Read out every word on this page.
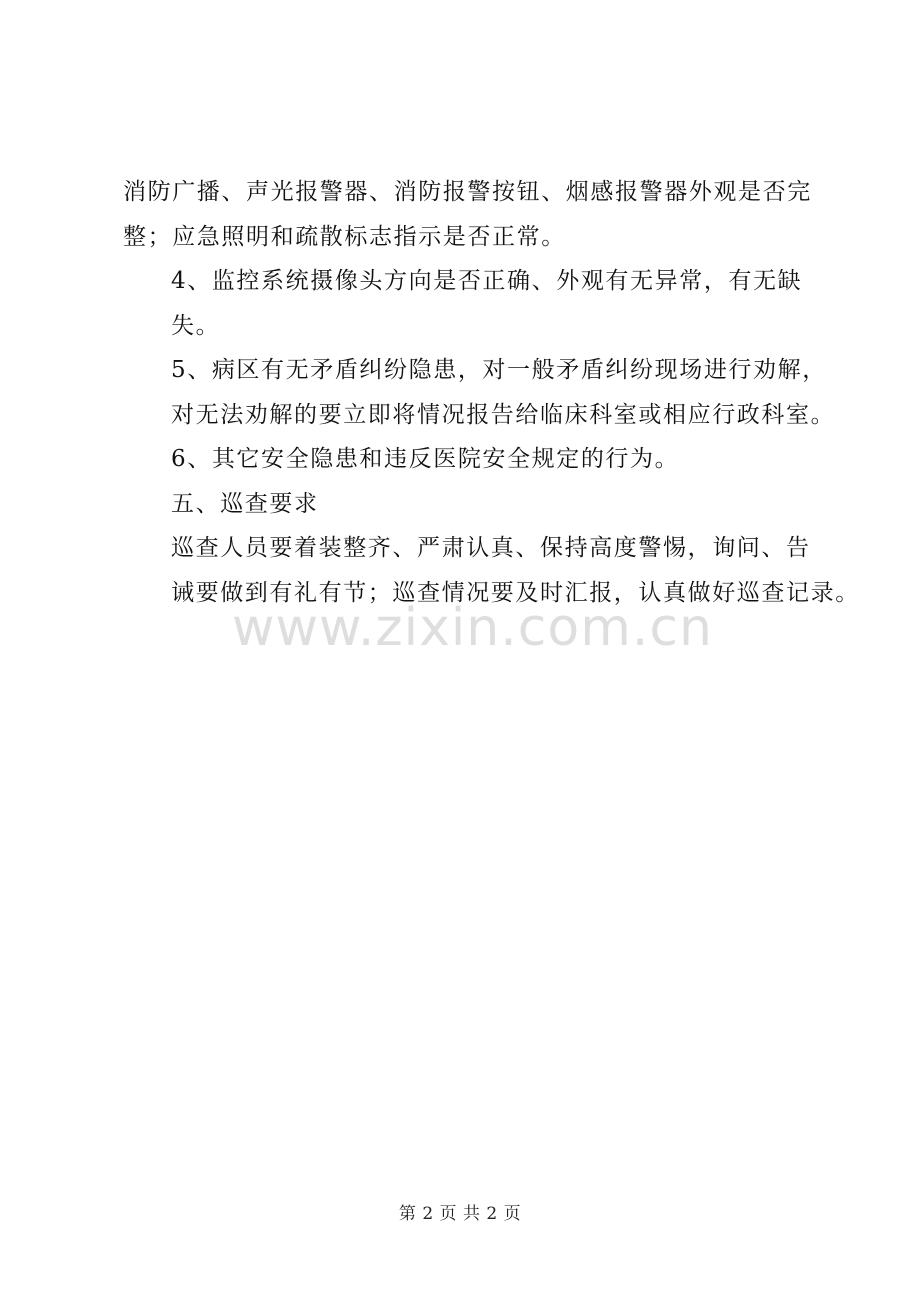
消防广播、声光报警器、消防报警按钮、烟感报警器外观是否完
整；应急照明和疏散标志指示是否正常。

4、监控系统摄像头方向是否正确、外观有无异常，有无缺
失。

5、病区有无矛盾纠纷隐患，对一般矛盾纠纷现场进行劝解，
对无法劝解的要立即将情况报告给临床科室或相应行政科室。

6、其它安全隐患和违反医院安全规定的行为。

五、巡查要求

巡查人员要着装整齐、严肃认真、保持高度警惕，询问、告
诫要做到有礼有节；巡查情况要及时汇报，认真做好巡查记录。

www.zixin.com.cn
第 2 页 共 2 页
